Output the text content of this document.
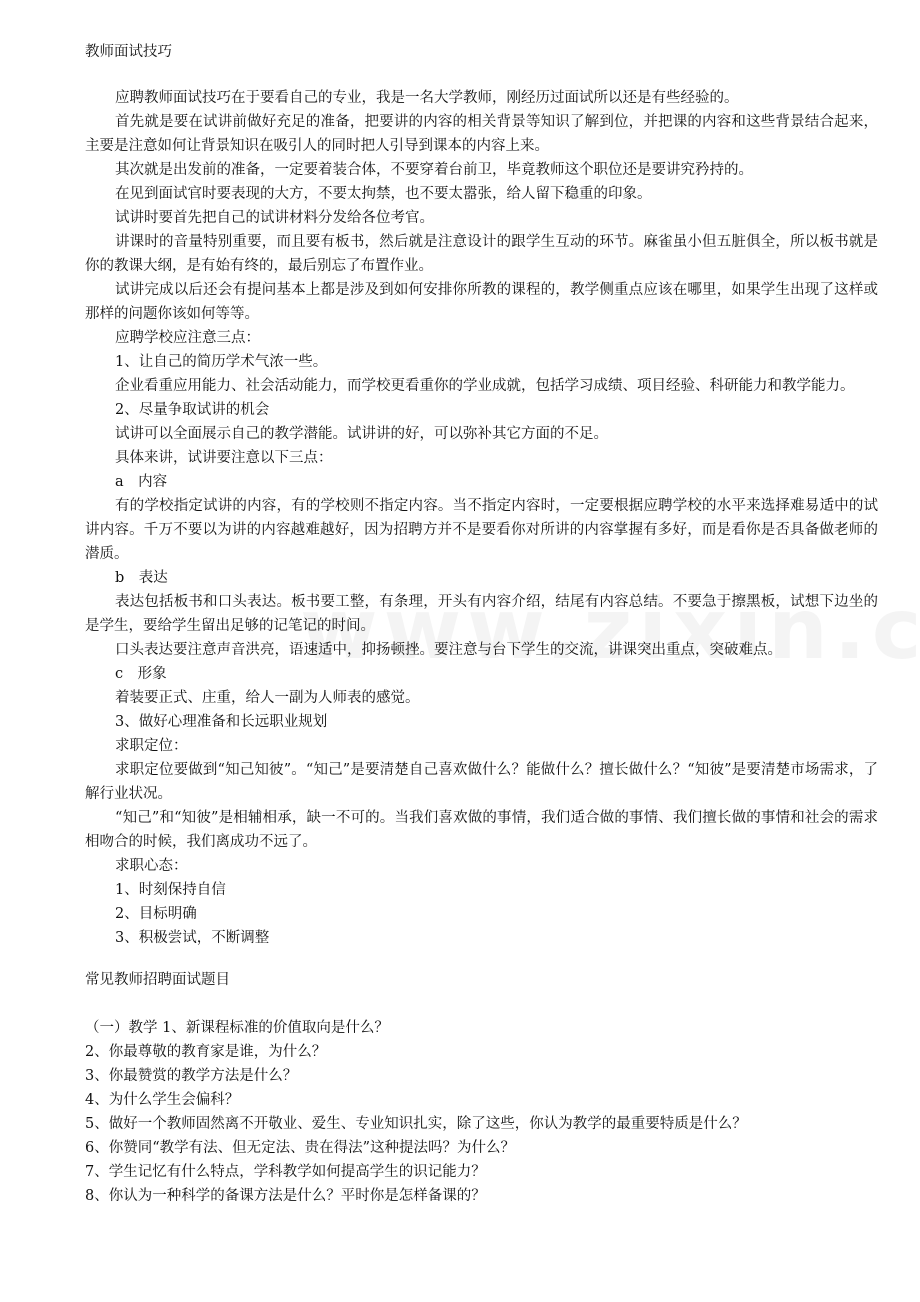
教师面试技巧

应聘教师面试技巧在于要看自己的专业，我是一名大学教师，刚经历过面试所以还是有些经验的。

首先就是要在试讲前做好充足的准备，把要讲的内容的相关背景等知识了解到位，并把课的内容和这些背景结合起来，主要是注意如何让背景知识在吸引人的同时把人引导到课本的内容上来。

其次就是出发前的准备，一定要着装合体，不要穿着台前卫，毕竟教师这个职位还是要讲究矜持的。

在见到面试官时要表现的大方，不要太拘禁，也不要太嚣张，给人留下稳重的印象。

试讲时要首先把自己的试讲材料分发给各位考官。

讲课时的音量特别重要，而且要有板书，然后就是注意设计的跟学生互动的环节。麻雀虽小但五脏俱全，所以板书就是你的教课大纲，是有始有终的，最后别忘了布置作业。

试讲完成以后还会有提问基本上都是涉及到如何安排你所教的课程的，教学侧重点应该在哪里，如果学生出现了这样或那样的问题你该如何等等。

应聘学校应注意三点：

1、让自己的简历学术气浓一些。

企业看重应用能力、社会活动能力，而学校更看重你的学业成就，包括学习成绩、项目经验、科研能力和教学能力。

2、尽量争取试讲的机会

试讲可以全面展示自己的教学潜能。试讲讲的好，可以弥补其它方面的不足。

具体来讲，试讲要注意以下三点：

a　内容

有的学校指定试讲的内容，有的学校则不指定内容。当不指定内容时，一定要根据应聘学校的水平来选择难易适中的试讲内容。千万不要以为讲的内容越难越好，因为招聘方并不是要看你对所讲的内容掌握有多好，而是看你是否具备做老师的潜质。

b　表达

表达包括板书和口头表达。板书要工整，有条理，开头有内容介绍，结尾有内容总结。不要急于擦黑板，试想下边坐的是学生，要给学生留出足够的记笔记的时间。

口头表达要注意声音洪亮，语速适中，抑扬顿挫。要注意与台下学生的交流，讲课突出重点，突破难点。

c　形象

着装要正式、庄重，给人一副为人师表的感觉。

3、做好心理准备和长远职业规划

求职定位：

求职定位要做到“知己知彼”。“知己”是要清楚自己喜欢做什么？能做什么？擅长做什么？“知彼”是要清楚市场需求，了解行业状况。

“知己”和“知彼”是相辅相承，缺一不可的。当我们喜欢做的事情，我们适合做的事情、我们擅长做的事情和社会的需求相吻合的时候，我们离成功不远了。

求职心态：

1、时刻保持自信

2、目标明确

3、积极尝试，不断调整

常见教师招聘面试题目
（一）教学 1、新课程标准的价值取向是什么？
2、你最尊敬的教育家是谁，为什么？
3、你最赞赏的教学方法是什么？
4、为什么学生会偏科？
5、做好一个教师固然离不开敬业、爱生、专业知识扎实，除了这些，你认为教学的最重要特质是什么？
6、你赞同“教学有法、但无定法、贵在得法”这种提法吗？为什么？
7、学生记忆有什么特点，学科教学如何提高学生的识记能力？
8、你认为一种科学的备课方法是什么？平时你是怎样备课的？
